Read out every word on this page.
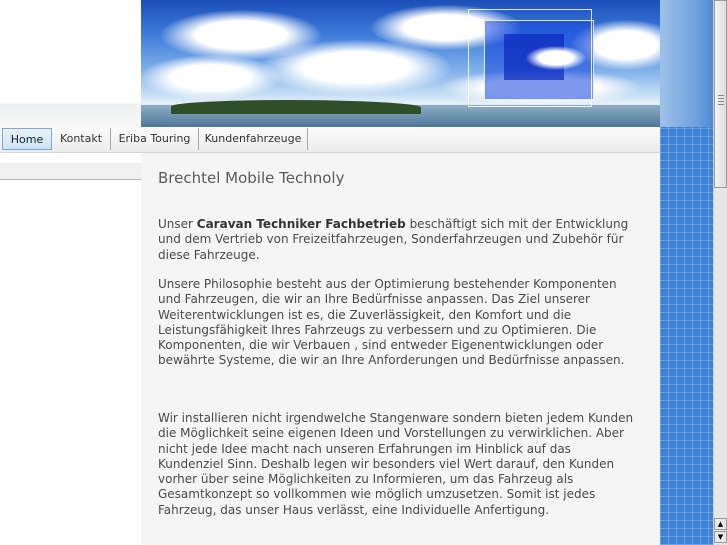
▲
▼
Home	Kontakt	Eriba Touring	Kundenfahrzeuge
Brechtel Mobile Technoly

Unser Caravan Techniker Fachbetrieb beschäftigt sich mit der Entwicklung und dem Vertrieb von Freizeitfahrzeugen, Sonderfahrzeugen und Zubehör für diese Fahrzeuge.

Unsere Philosophie besteht aus der Optimierung bestehender Komponenten und Fahrzeugen, die wir an Ihre Bedürfnisse anpassen. Das Ziel unserer Weiterentwicklungen ist es, die Zuverlässigkeit, den Komfort und die Leistungsfähigkeit Ihres Fahrzeugs zu verbessern und zu Optimieren. Die Komponenten, die wir Verbauen , sind entweder Eigenentwicklungen oder bewährte Systeme, die wir an Ihre Anforderungen und Bedürfnisse anpassen.

Wir installieren nicht irgendwelche Stangenware sondern bieten jedem Kunden die Möglichkeit seine eigenen Ideen und Vorstellungen zu verwirklichen. Aber nicht jede Idee macht nach unseren Erfahrungen im Hinblick auf das Kundenziel Sinn. Deshalb legen wir besonders viel Wert darauf, den Kunden vorher über seine Möglichkeiten zu Informieren, um das Fahrzeug als Gesamtkonzept so vollkommen wie möglich umzusetzen. Somit ist jedes Fahrzeug, das unser Haus verlässt, eine Individuelle Anfertigung.
